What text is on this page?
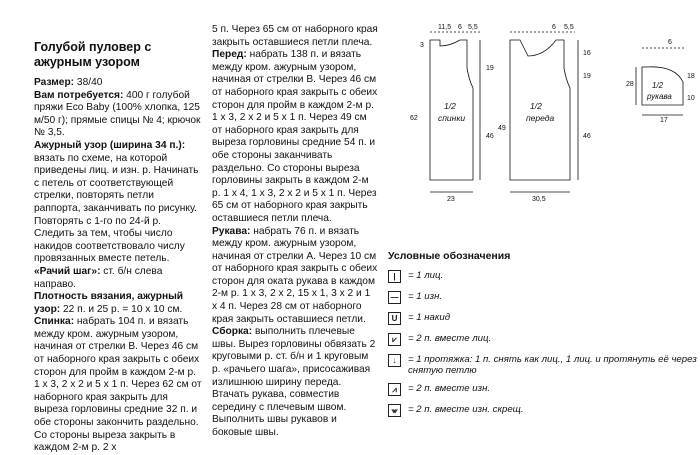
Голубой пуловер с ажурным узором

Размер: 38/40

Вам потребуется: 400 г голубой пряжи Eco Baby (100% хлопка, 125 м/50 г); прямые спицы № 4; крючок № 3,5.

Ажурный узор (ширина 34 п.): вязать по схеме, на которой приведены лиц. и изн. р. Начинать с петель от соответствующей стрелки, повторять петли раппорта, заканчивать по рисунку. Повторять с 1-го по 24-й р. Следить за тем, чтобы число накидов соответствовало числу провязанных вместе петель.

«Рачий шаг»: ст. б/н слева направо.

Плотность вязания, ажурный узор: 22 п. и 25 р. = 10 х 10 см.

Спинка: набрать 104 п. и вязать между кром. ажурным узором, начиная от стрелки В. Через 46 см от наборного края закрыть с обеих сторон для пройм в каждом 2-м р. 1 х 3, 2 х 2 и 5 х 1 п. Через 62 см от наборного края закрыть для выреза горловины средние 32 п. и обе стороны закончить раздельно. Со стороны выреза закрыть в каждом 2-м р. 2 х

5 п. Через 65 см от наборного края закрыть оставшиеся петли плеча.

Перед: набрать 138 п. и вязать между кром. ажурным узором, начиная от стрелки В. Через 46 см от наборного края закрыть с обеих сторон для пройм в каждом 2-м р. 1 х 3, 2 х 2 и 5 х 1 п. Через 49 см от наборного края закрыть для выреза горловины средние 54 п. и обе стороны заканчивать раздельно. Со стороны выреза горловины закрыть в каждом 2-м р. 1 х 4, 1 х 3, 2 х 2 и 5 х 1 п. Через 65 см от наборного края закрыть оставшиеся петли плеча.

Рукава: набрать 76 п. и вязать между кром. ажурным узором, начиная от стрелки А. Через 10 см от наборного края закрыть с обеих сторон для оката рукава в каждом 2-м р. 1 х 3, 2 х 2, 15 х 1, 3 х 2 и 1 х 4 п. Через 28 см от наборного края закрыть оставшиеся петли.

Сборка: выполнить плечевые швы. Вырез горловины обвязать 2 круговыми р. ст. б/н и 1 круговым р. «рачьего шага», присосаживая излишнюю ширину переда. Втачать рукава, совместив середину с плечевым швом. Выполнить швы рукавов и боковые швы.

1/2
спинки
11,5 6 5,5
23
3
19
62
46
1/2
переда
6 5,5
30,5
16
19
49
46
1/2
рукава
6
17
28
18
10
Условные обозначения
|	= 1 лиц.
— = 1 изн.
U	= 1 накид
⩗	= 2 п. вместе лиц.
↓	= 1 протяжка: 1 п. снять как лиц., 1 лиц. и протянуть её через снятую петлю
⩘	= 2 п. вместе изн.
⩖	= 2 п. вместе изн. скрещ.
